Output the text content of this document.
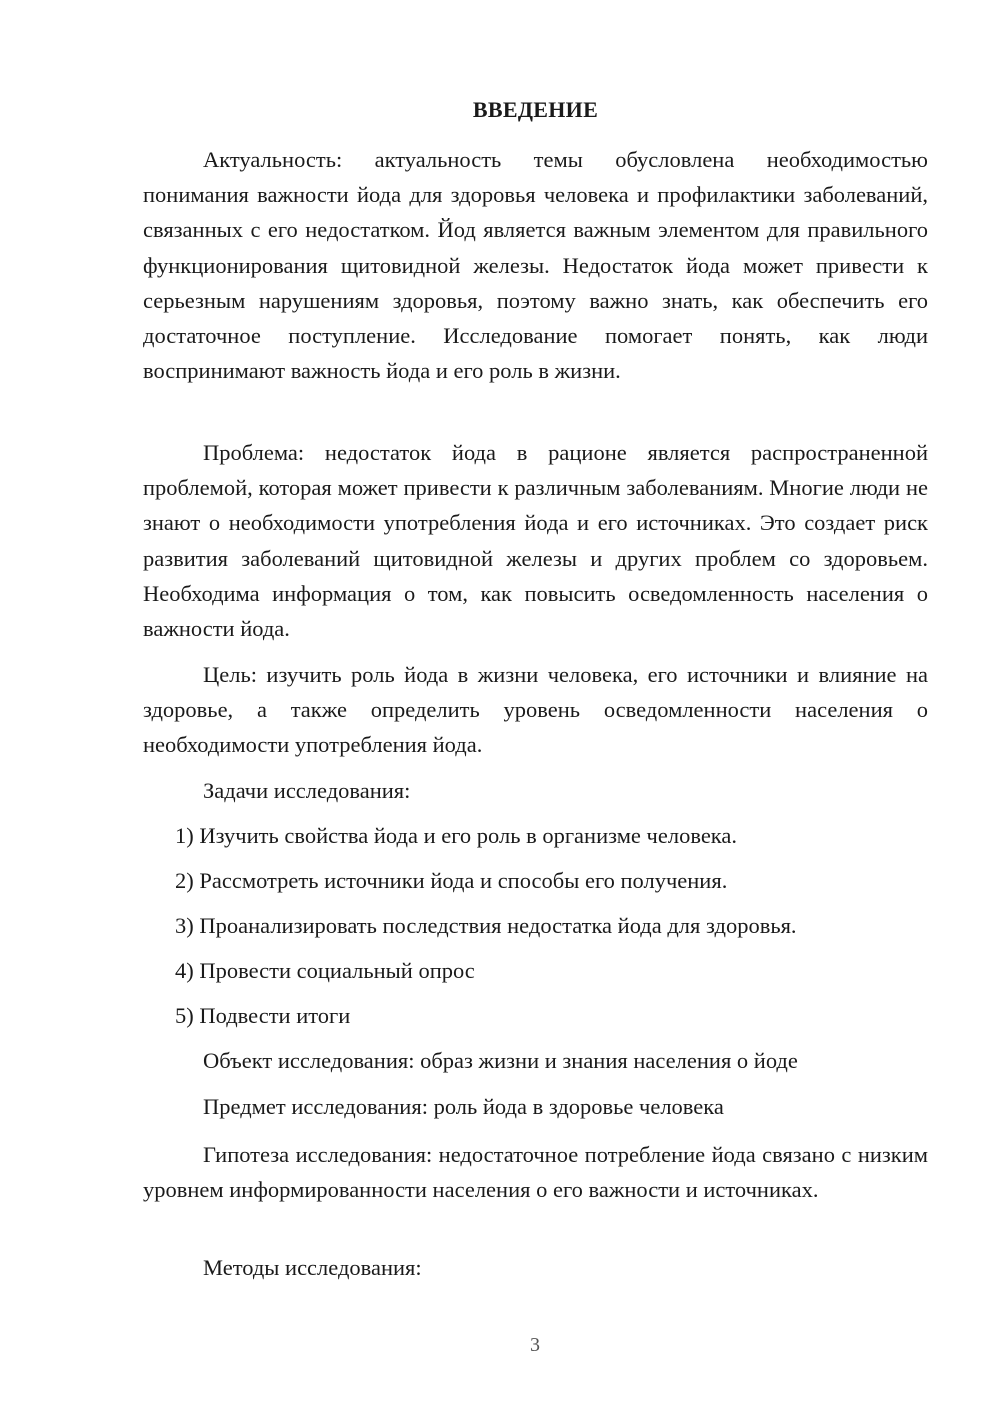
ВВЕДЕНИЕ

Актуальность: актуальность темы обусловлена необходимостью понимания важности йода для здоровья человека и профилактики заболеваний, связанных с его недостатком. Йод является важным элементом для правильного функционирования щитовидной железы. Недостаток йода может привести к серьезным нарушениям здоровья, поэтому важно знать, как обеспечить его достаточное поступление. Исследование помогает понять, как люди воспринимают важность йода и его роль в жизни.

Проблема: недостаток йода в рационе является распространенной проблемой, которая может привести к различным заболеваниям. Многие люди не знают о необходимости употребления йода и его источниках. Это создает риск развития заболеваний щитовидной железы и других проблем со здоровьем. Необходима информация о том, как повысить осведомленность населения о важности йода.

Цель: изучить роль йода в жизни человека, его источники и влияние на здоровье, а также определить уровень осведомленности населения о необходимости употребления йода.

Задачи исследования:
1) Изучить свойства йода и его роль в организме человека.
2) Рассмотреть источники йода и способы его получения.
3) Проанализировать последствия недостатка йода для здоровья.
4) Провести социальный опрос
5) Подвести итоги
Объект исследования: образ жизни и знания населения о йоде
Предмет исследования: роль йода в здоровье человека

Гипотеза исследования: недостаточное потребление йода связано с низким уровнем информированности населения о его важности и источниках.

Методы исследования:
3
